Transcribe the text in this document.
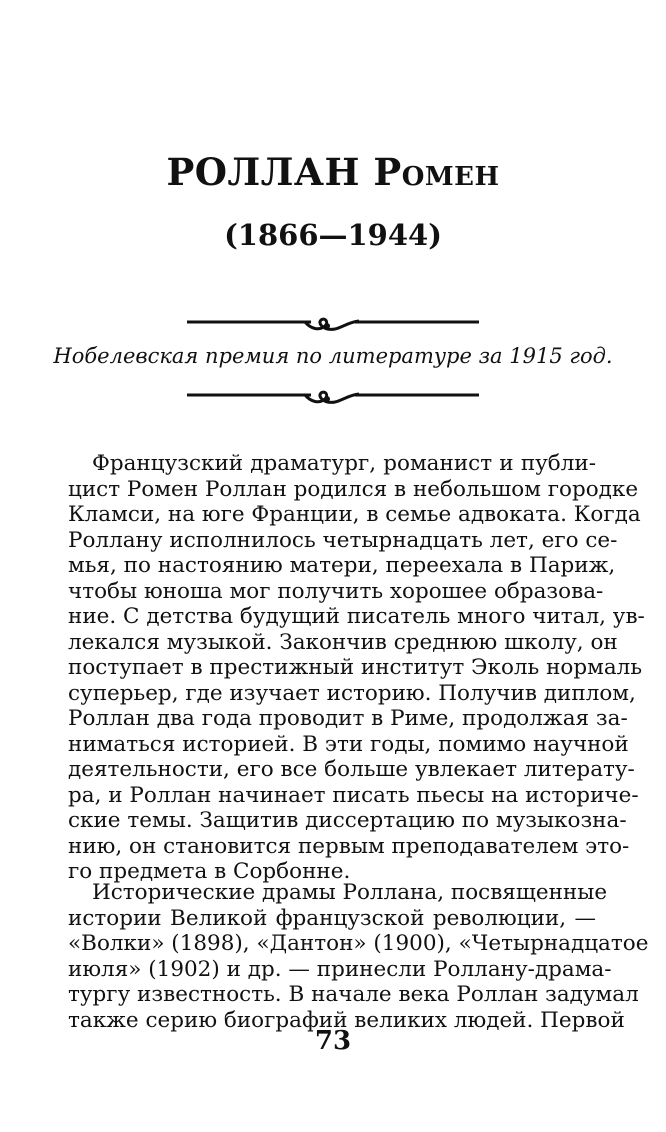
РОЛЛАН Ромен
(1866—1944)
Нобелевская премия по литературе за 1915 год.
Французский драматург, романист и публи-
цист Ромен Роллан родился в небольшом городке
Кламси, на юге Франции, в семье адвоката. Когда
Роллану исполнилось четырнадцать лет, его се-
мья, по настоянию матери, переехала в Париж,
чтобы юноша мог получить хорошее образова-
ние. С детства будущий писатель много читал, ув-
лекался музыкой. Закончив среднюю школу, он
поступает в престижный институт Эколь нормаль
суперьер, где изучает историю. Получив диплом,
Роллан два года проводит в Риме, продолжая за-
ниматься историей. В эти годы, помимо научной
деятельности, его все больше увлекает литерату-
ра, и Роллан начинает писать пьесы на историче-
ские темы. Защитив диссертацию по музыкозна-
нию, он становится первым преподавателем это-
го предмета в Сорбонне.
Исторические драмы Роллана, посвященные
истории Великой французской революции, —
«Волки» (1898), «Дантон» (1900), «Четырнадцатое
июля» (1902) и др. — принесли Роллану-драма-
тургу известность. В начале века Роллан задумал
также серию биографий великих людей. Первой
73
